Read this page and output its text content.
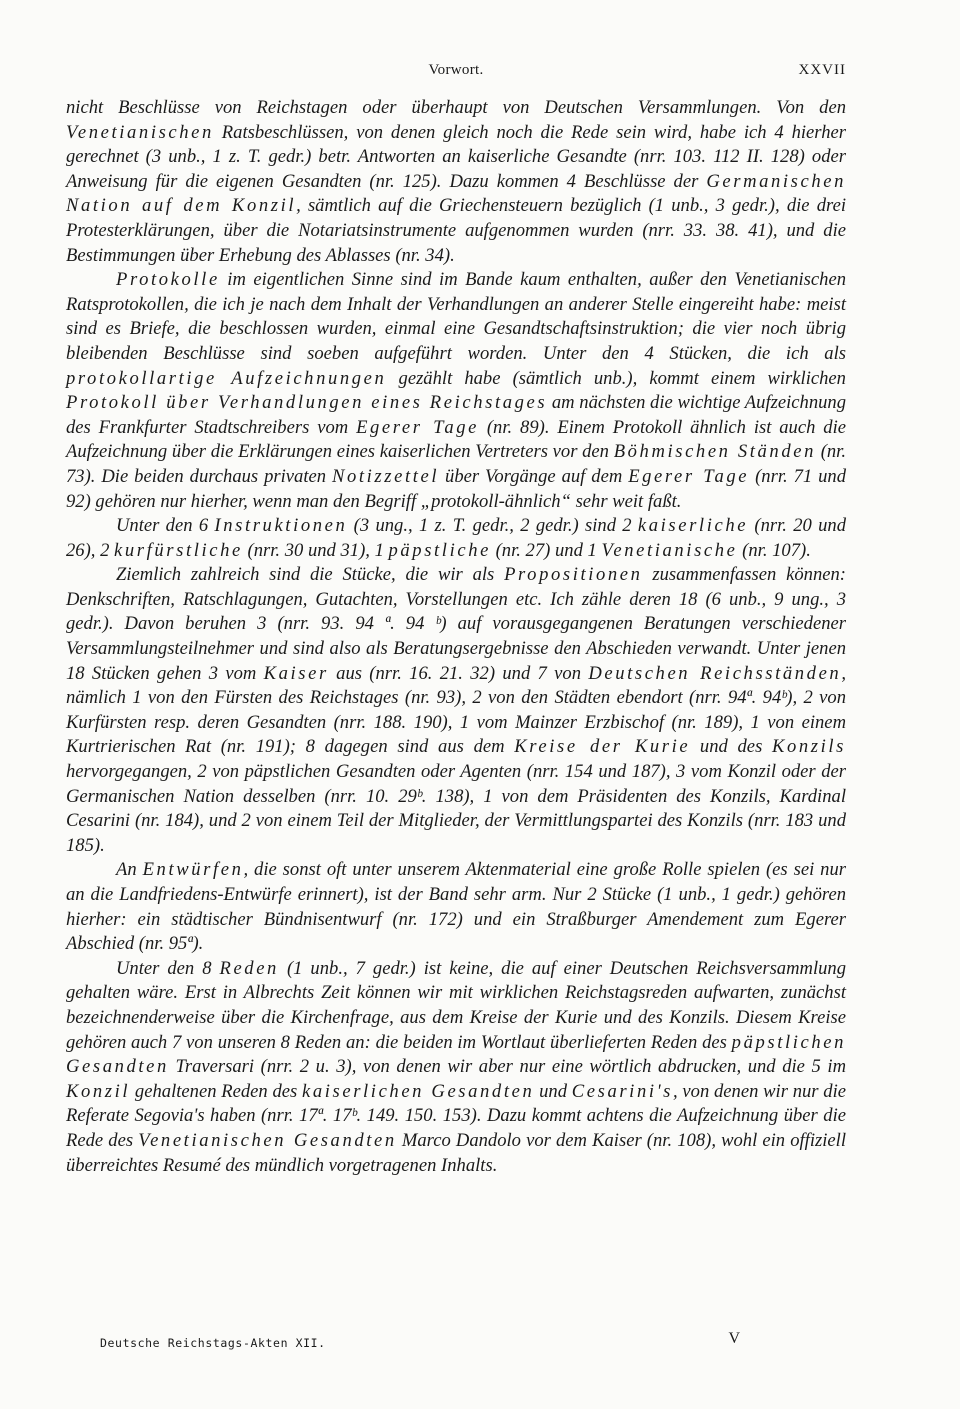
Vorwort.	XXVII

nicht Beschlüsse von Reichstagen oder überhaupt von Deutschen Versammlungen. Von den Venetianischen Ratsbeschlüssen, von denen gleich noch die Rede sein wird, habe ich 4 hierher gerechnet (3 unb., 1 z. T. gedr.) betr. Antworten an kaiserliche Gesandte (nrr. 103. 112 II. 128) oder Anweisung für die eigenen Gesandten (nr. 125). Dazu kommen 4 Beschlüsse der Germanischen Nation auf dem Konzil, sämtlich auf die Griechensteuern bezüglich (1 unb., 3 gedr.), die drei Protesterklärungen, über die Notariatsinstrumente aufgenommen wurden (nrr. 33. 38. 41), und die Bestimmungen über Erhebung des Ablasses (nr. 34).

Protokolle im eigentlichen Sinne sind im Bande kaum enthalten, außer den Venetianischen Ratsprotokollen, die ich je nach dem Inhalt der Verhandlungen an anderer Stelle eingereiht habe: meist sind es Briefe, die beschlossen wurden, einmal eine Gesandtschaftsinstruktion; die vier noch übrig bleibenden Beschlüsse sind soeben aufgeführt worden. Unter den 4 Stücken, die ich als protokollartige Aufzeichnungen gezählt habe (sämtlich unb.), kommt einem wirklichen Protokoll über Verhandlungen eines Reichstages am nächsten die wichtige Aufzeichnung des Frankfurter Stadtschreibers vom Egerer Tage (nr. 89). Einem Protokoll ähnlich ist auch die Aufzeichnung über die Erklärungen eines kaiserlichen Vertreters vor den Böhmischen Ständen (nr. 73). Die beiden durchaus privaten Notizzettel über Vorgänge auf dem Egerer Tage (nrr. 71 und 92) gehören nur hierher, wenn man den Begriff „protokoll-ähnlich“ sehr weit faßt.

Unter den 6 Instruktionen (3 ung., 1 z. T. gedr., 2 gedr.) sind 2 kaiserliche (nrr. 20 und 26), 2 kurfürstliche (nrr. 30 und 31), 1 päpstliche (nr. 27) und 1 Venetianische (nr. 107).

Ziemlich zahlreich sind die Stücke, die wir als Propositionen zusammenfassen können: Denkschriften, Ratschlagungen, Gutachten, Vorstellungen etc. Ich zähle deren 18 (6 unb., 9 ung., 3 gedr.). Davon beruhen 3 (nrr. 93. 94 ª. 94 ᵇ) auf vorausgegangenen Beratungen verschiedener Versammlungsteilnehmer und sind also als Beratungsergebnisse den Abschieden verwandt. Unter jenen 18 Stücken gehen 3 vom Kaiser aus (nrr. 16. 21. 32) und 7 von Deutschen Reichsständen, nämlich 1 von den Fürsten des Reichstages (nr. 93), 2 von den Städten ebendort (nrr. 94ª. 94ᵇ), 2 von Kurfürsten resp. deren Gesandten (nrr. 188. 190), 1 vom Mainzer Erzbischof (nr. 189), 1 von einem Kurtrierischen Rat (nr. 191); 8 dagegen sind aus dem Kreise der Kurie und des Konzils hervorgegangen, 2 von päpstlichen Gesandten oder Agenten (nrr. 154 und 187), 3 vom Konzil oder der Germanischen Nation desselben (nrr. 10. 29ᵇ. 138), 1 von dem Präsidenten des Konzils, Kardinal Cesarini (nr. 184), und 2 von einem Teil der Mitglieder, der Vermittlungspartei des Konzils (nrr. 183 und 185).

An Entwürfen, die sonst oft unter unserem Aktenmaterial eine große Rolle spielen (es sei nur an die Landfriedens-Entwürfe erinnert), ist der Band sehr arm. Nur 2 Stücke (1 unb., 1 gedr.) gehören hierher: ein städtischer Bündnisentwurf (nr. 172) und ein Straßburger Amendement zum Egerer Abschied (nr. 95ª).

Unter den 8 Reden (1 unb., 7 gedr.) ist keine, die auf einer Deutschen Reichsversammlung gehalten wäre. Erst in Albrechts Zeit können wir mit wirklichen Reichstagsreden aufwarten, zunächst bezeichnenderweise über die Kirchenfrage, aus dem Kreise der Kurie und des Konzils. Diesem Kreise gehören auch 7 von unseren 8 Reden an: die beiden im Wortlaut überlieferten Reden des päpstlichen Gesandten Traversari (nrr. 2 u. 3), von denen wir aber nur eine wörtlich abdrucken, und die 5 im Konzil gehaltenen Reden des kaiserlichen Gesandten und Cesarini's, von denen wir nur die Referate Segovia's haben (nrr. 17ª. 17ᵇ. 149. 150. 153). Dazu kommt achtens die Aufzeichnung über die Rede des Venetianischen Gesandten Marco Dandolo vor dem Kaiser (nr. 108), wohl ein offiziell überreichtes Resumé des mündlich vorgetragenen Inhalts.

Deutsche Reichstags-Akten XII.	V
